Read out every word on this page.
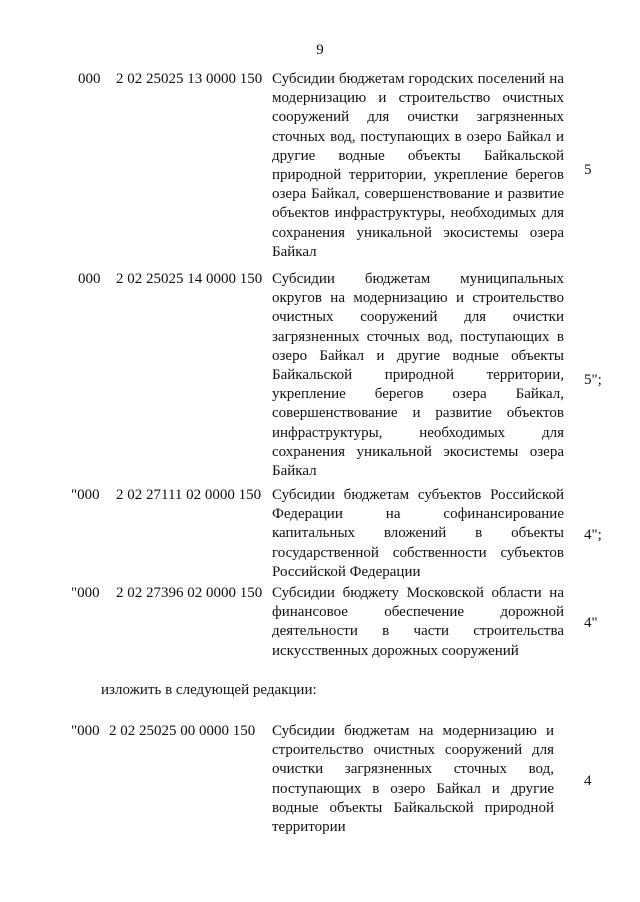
9
000 2 02 25025 13 0000 150 Субсидии бюджетам городских поселений на модернизацию и строительство очистных сооружений для очистки загрязненных сточных вод, поступающих в озеро Байкал и другие водные объекты Байкальской природной территории, укрепление берегов озера Байкал, совершенствование и развитие объектов инфраструктуры, необходимых для сохранения уникальной экосистемы озера Байкал
5
000 2 02 25025 14 0000 150 Субсидии бюджетам муниципальных округов на модернизацию и строительство очистных сооружений для очистки загрязненных сточных вод, поступающих в озеро Байкал и другие водные объекты Байкальской природной территории, укрепление берегов озера Байкал, совершенствование и развитие объектов инфраструктуры, необходимых для сохранения уникальной экосистемы озера Байкал
5";
"000 2 02 27111 02 0000 150 Субсидии бюджетам субъектов Российской Федерации на софинансирование капитальных вложений в объекты государственной собственности субъектов Российской Федерации
4";
"000 2 02 27396 02 0000 150 Субсидии бюджету Московской области на финансовое обеспечение дорожной деятельности в части строительства искусственных дорожных сооружений
4"
изложить в следующей редакции:
"000 2 02 25025 00 0000 150 Субсидии бюджетам на модернизацию и строительство очистных сооружений для очистки загрязненных сточных вод, поступающих в озеро Байкал и другие водные объекты Байкальской природной территории
4
